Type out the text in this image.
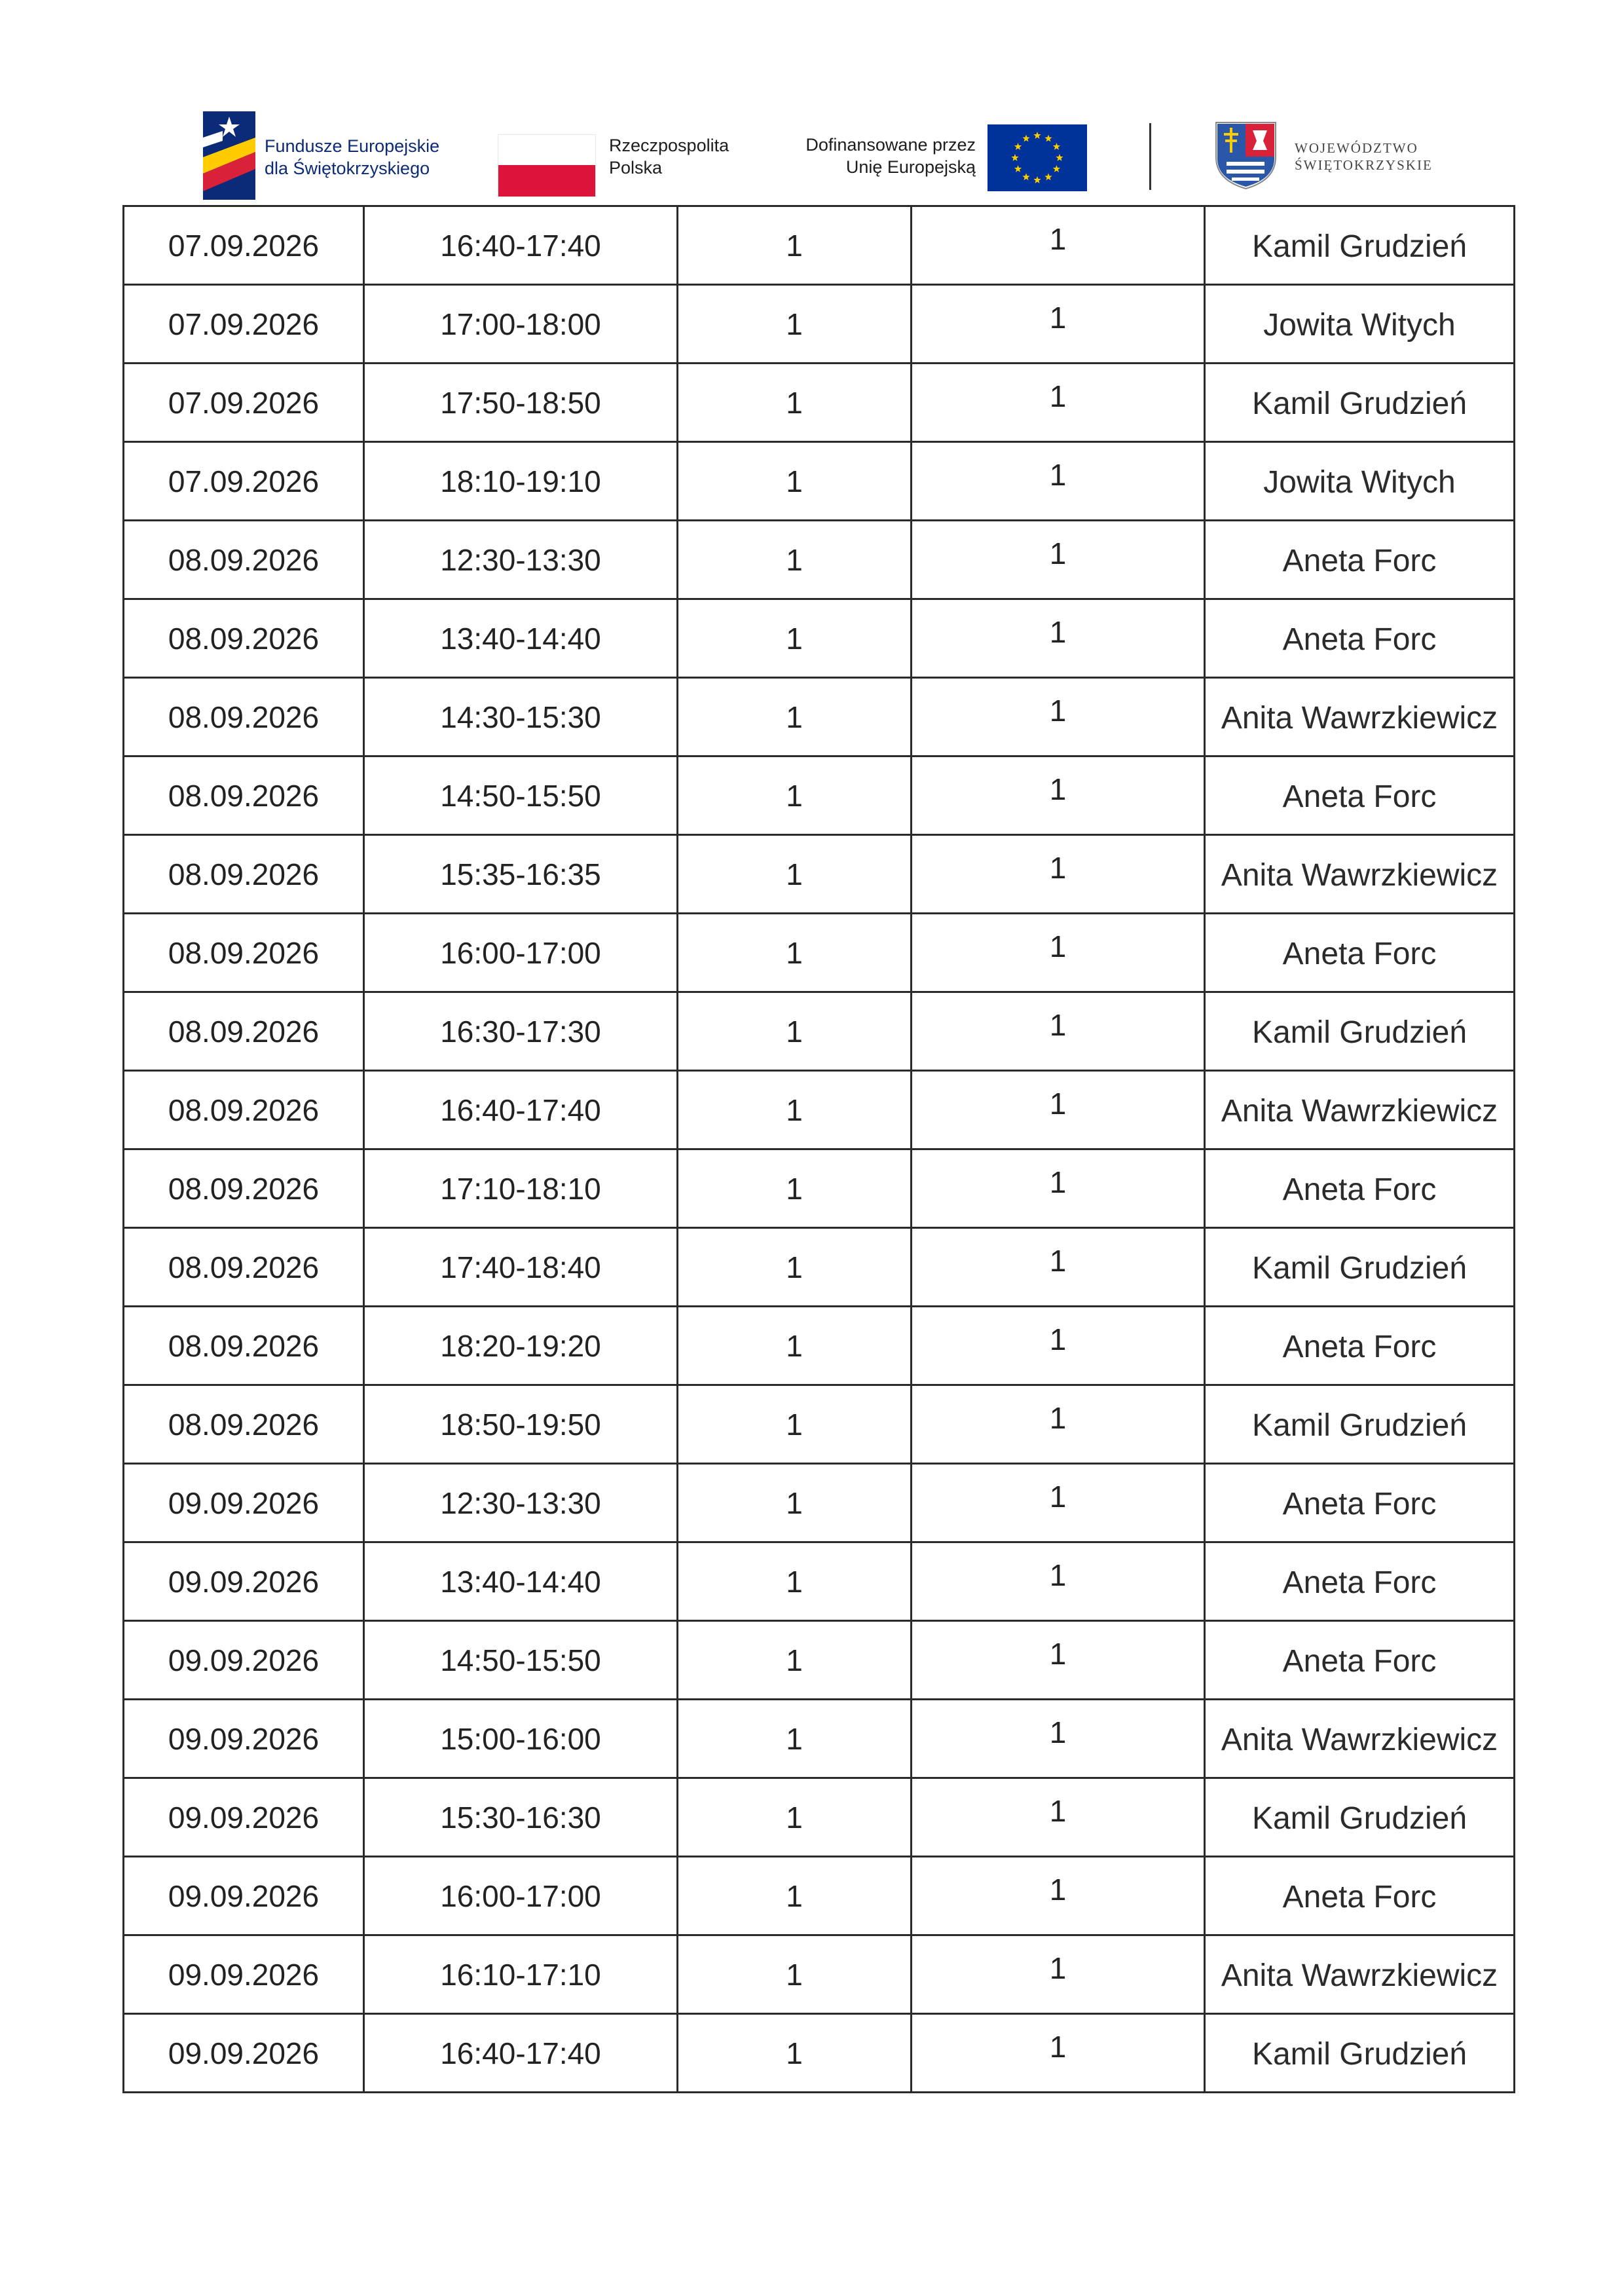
Fundusze Europejskie
dla Świętokrzyskiego
Rzeczpospolita
Polska
Dofinansowane przez
Unię Europejską
WOJEWÓDZTWO
ŚWIĘTOKRZYSKIE
07.09.2026	16:40-17:40	1	1	Kamil Grudzień
07.09.2026	17:00-18:00	1	1	Jowita Witych
07.09.2026	17:50-18:50	1	1	Kamil Grudzień
07.09.2026	18:10-19:10	1	1	Jowita Witych
08.09.2026	12:30-13:30	1	1	Aneta Forc
08.09.2026	13:40-14:40	1	1	Aneta Forc
08.09.2026	14:30-15:30	1	1	Anita Wawrzkiewicz
08.09.2026	14:50-15:50	1	1	Aneta Forc
08.09.2026	15:35-16:35	1	1	Anita Wawrzkiewicz
08.09.2026	16:00-17:00	1	1	Aneta Forc
08.09.2026	16:30-17:30	1	1	Kamil Grudzień
08.09.2026	16:40-17:40	1	1	Anita Wawrzkiewicz
08.09.2026	17:10-18:10	1	1	Aneta Forc
08.09.2026	17:40-18:40	1	1	Kamil Grudzień
08.09.2026	18:20-19:20	1	1	Aneta Forc
08.09.2026	18:50-19:50	1	1	Kamil Grudzień
09.09.2026	12:30-13:30	1	1	Aneta Forc
09.09.2026	13:40-14:40	1	1	Aneta Forc
09.09.2026	14:50-15:50	1	1	Aneta Forc
09.09.2026	15:00-16:00	1	1	Anita Wawrzkiewicz
09.09.2026	15:30-16:30	1	1	Kamil Grudzień
09.09.2026	16:00-17:00	1	1	Aneta Forc
09.09.2026	16:10-17:10	1	1	Anita Wawrzkiewicz
09.09.2026	16:40-17:40	1	1	Kamil Grudzień
